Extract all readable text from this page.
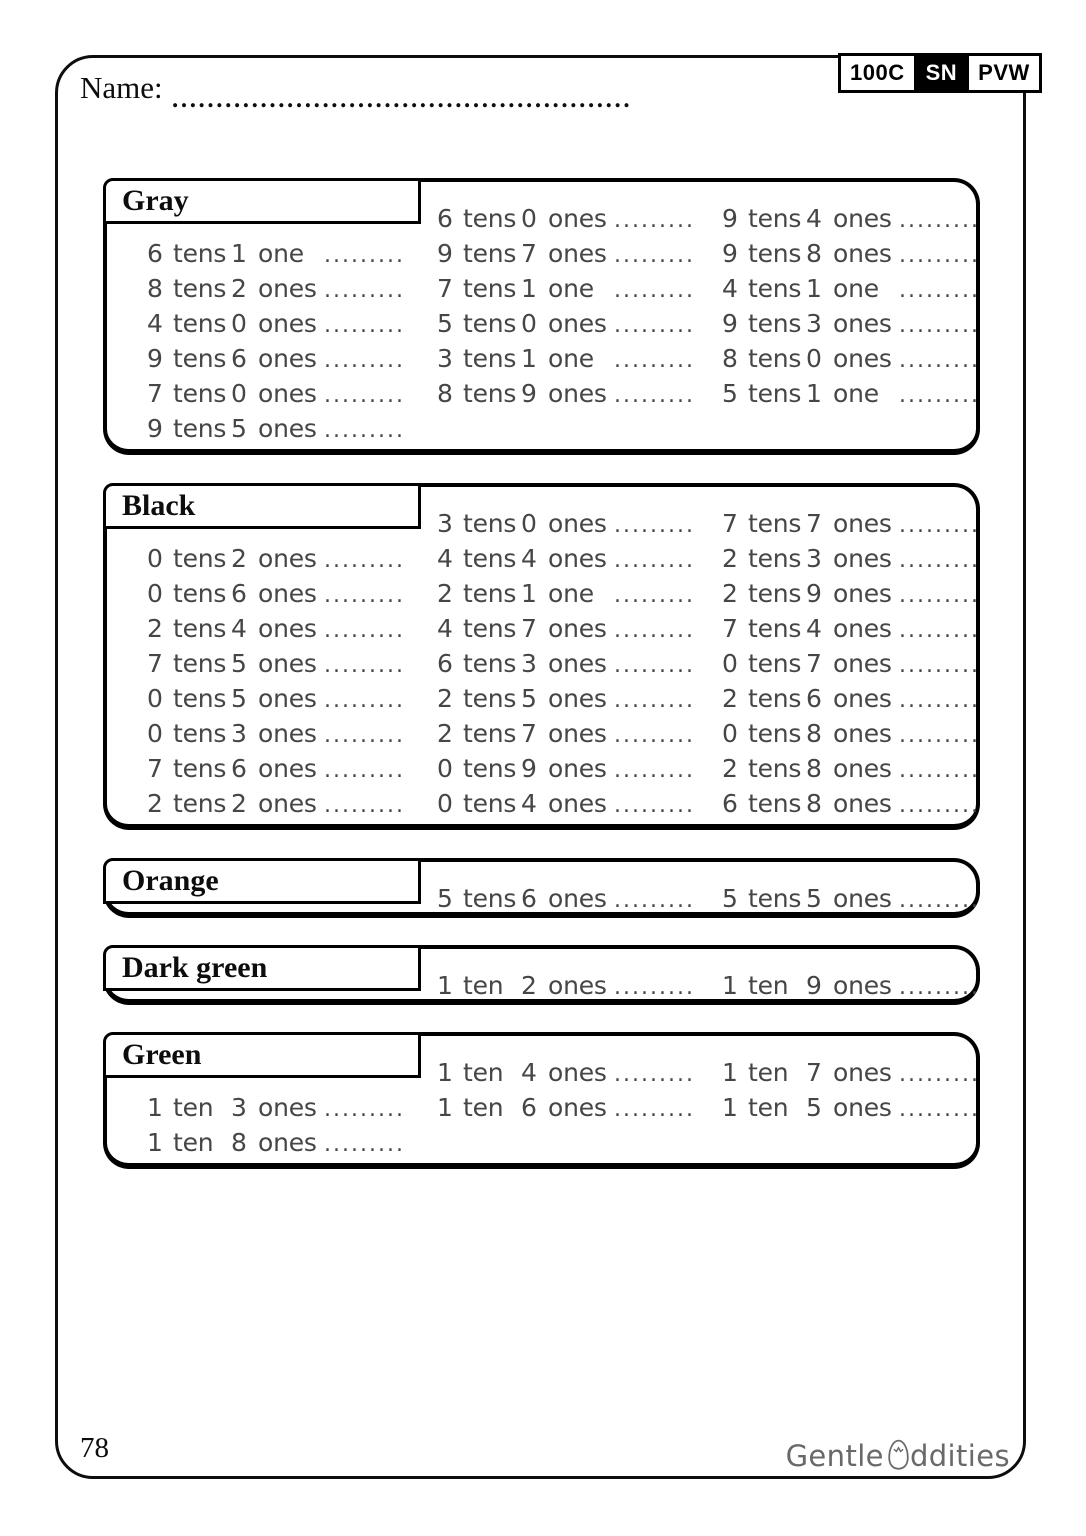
Name: ....................................................
100C SN PVW
Gray
6 tens 1 one .........
8 tens 2 ones .........
4 tens 0 ones .........
9 tens 6 ones .........
7 tens 0 ones .........
9 tens 5 ones .........
6 tens 0 ones .........
9 tens 7 ones .........
7 tens 1 one .........
5 tens 0 ones .........
3 tens 1 one .........
8 tens 9 ones .........
9 tens 4 ones .........
9 tens 8 ones .........
4 tens 1 one .........
9 tens 3 ones .........
8 tens 0 ones .........
5 tens 1 one .........
Black
0 tens 2 ones .........
0 tens 6 ones .........
2 tens 4 ones .........
7 tens 5 ones .........
0 tens 5 ones .........
0 tens 3 ones .........
7 tens 6 ones .........
2 tens 2 ones .........
3 tens 0 ones .........
4 tens 4 ones .........
2 tens 1 one .........
4 tens 7 ones .........
6 tens 3 ones .........
2 tens 5 ones .........
2 tens 7 ones .........
0 tens 9 ones .........
0 tens 4 ones .........
7 tens 7 ones .........
2 tens 3 ones .........
2 tens 9 ones .........
7 tens 4 ones .........
0 tens 7 ones .........
2 tens 6 ones .........
0 tens 8 ones .........
2 tens 8 ones .........
6 tens 8 ones .........
Orange
5 tens 6 ones ......... 5 tens 5 ones .........
Dark green
1 ten 2 ones ......... 1 ten 9 ones .........
Green
1 ten 3 ones .........
1 ten 8 ones .........
1 ten 4 ones .........
1 ten 6 ones .........
1 ten 7 ones .........
1 ten 5 ones .........
78	Gentle ddities
